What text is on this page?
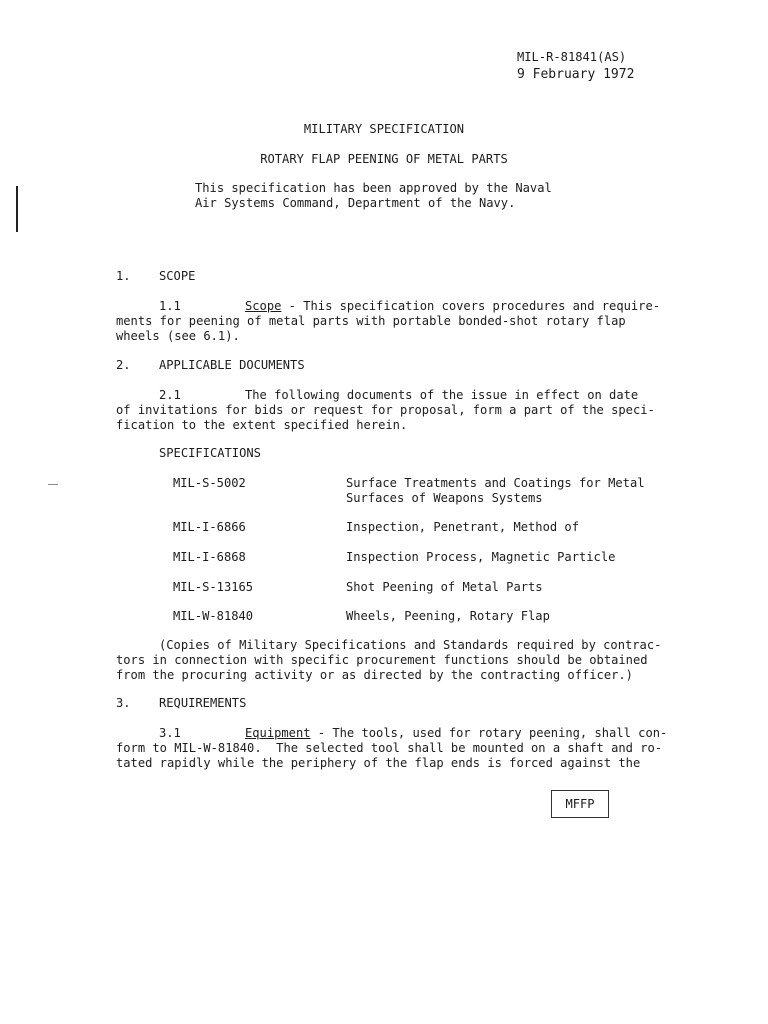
MIL-R-81841(AS)
9 February 1972
MILITARY SPECIFICATION
ROTARY FLAP PEENING OF METAL PARTS
This specification has been approved by the Naval
Air Systems Command, Department of the Navy.
1. SCOPE
1.1	Scope - This specification covers procedures and require-
ments for peening of metal parts with portable bonded-shot rotary flap
wheels (see 6.1).
2. APPLICABLE DOCUMENTS
2.1	The following documents of the issue in effect on date
of invitations for bids or request for proposal, form a part of the speci-
fication to the extent specified herein.
SPECIFICATIONS
MIL-S-5002	Surface Treatments and Coatings for Metal
Surfaces of Weapons Systems
MIL-I-6866	Inspection, Penetrant, Method of
MIL-I-6868	Inspection Process, Magnetic Particle
MIL-S-13165	Shot Peening of Metal Parts
MIL-W-81840	Wheels, Peening, Rotary Flap
(Copies of Military Specifications and Standards required by contrac-
tors in connection with specific procurement functions should be obtained
from the procuring activity or as directed by the contracting officer.)
3. REQUIREMENTS
3.1	Equipment - The tools, used for rotary peening, shall con-
form to MIL-W-81840.  The selected tool shall be mounted on a shaft and ro-
tated rapidly while the periphery of the flap ends is forced against the
MFFP
